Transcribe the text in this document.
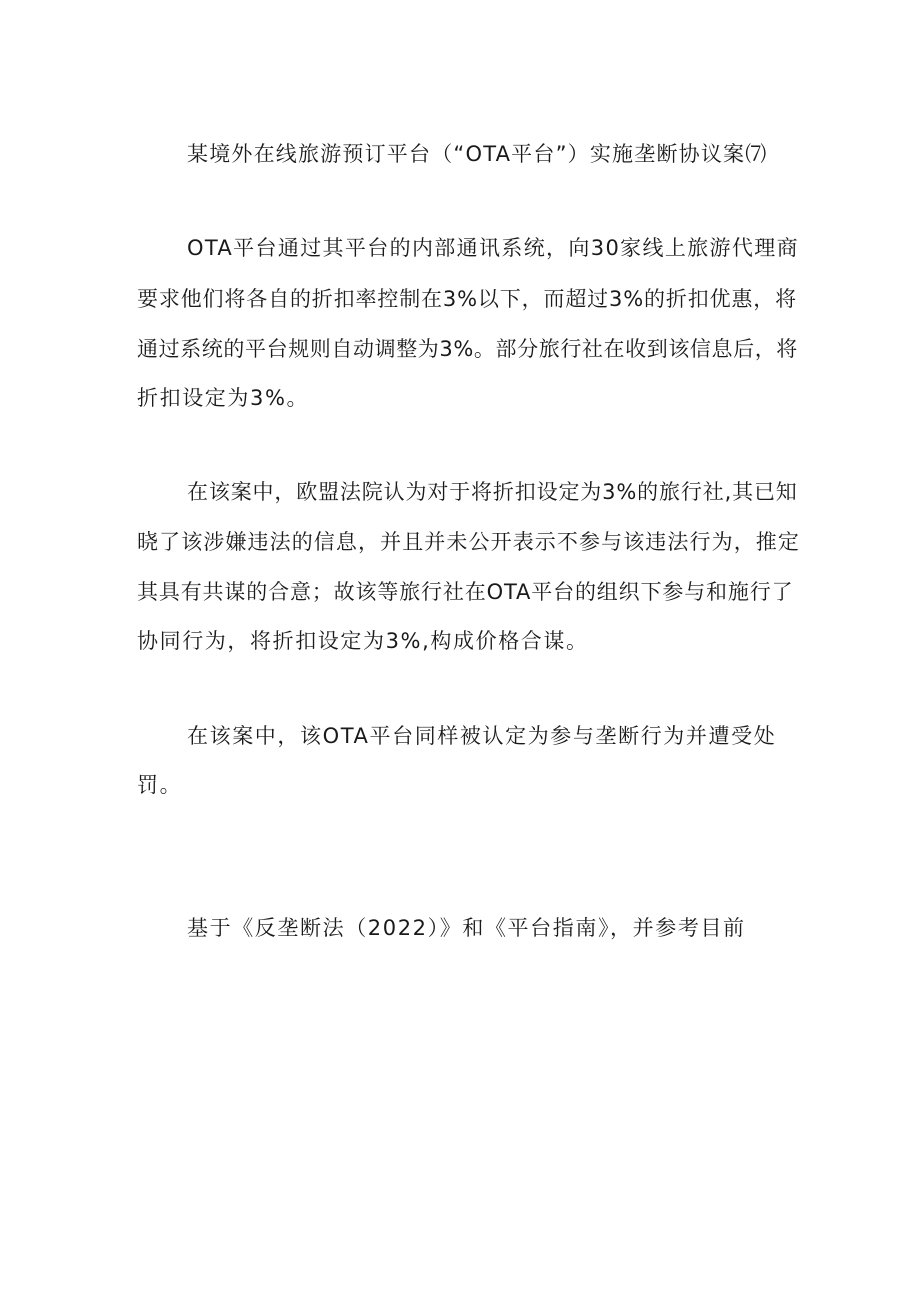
某境外在线旅游预订平台（“OTA平台”）实施垄断协议案⑺
OTA平台通过其平台的内部通讯系统，向30家线上旅游代理商
要求他们将各自的折扣率控制在3%以下，而超过3%的折扣优惠，将
通过系统的平台规则自动调整为3%。部分旅行社在收到该信息后，将
折扣设定为3%。
在该案中，欧盟法院认为对于将折扣设定为3%的旅行社,其已知
晓了该涉嫌违法的信息，并且并未公开表示不参与该违法行为，推定
其具有共谋的合意；故该等旅行社在OTA平台的组织下参与和施行了
协同行为，将折扣设定为3%,构成价格合谋。
在该案中，该OTA平台同样被认定为参与垄断行为并遭受处
罚。
基于《反垄断法（2022）》和《平台指南》，并参考目前
